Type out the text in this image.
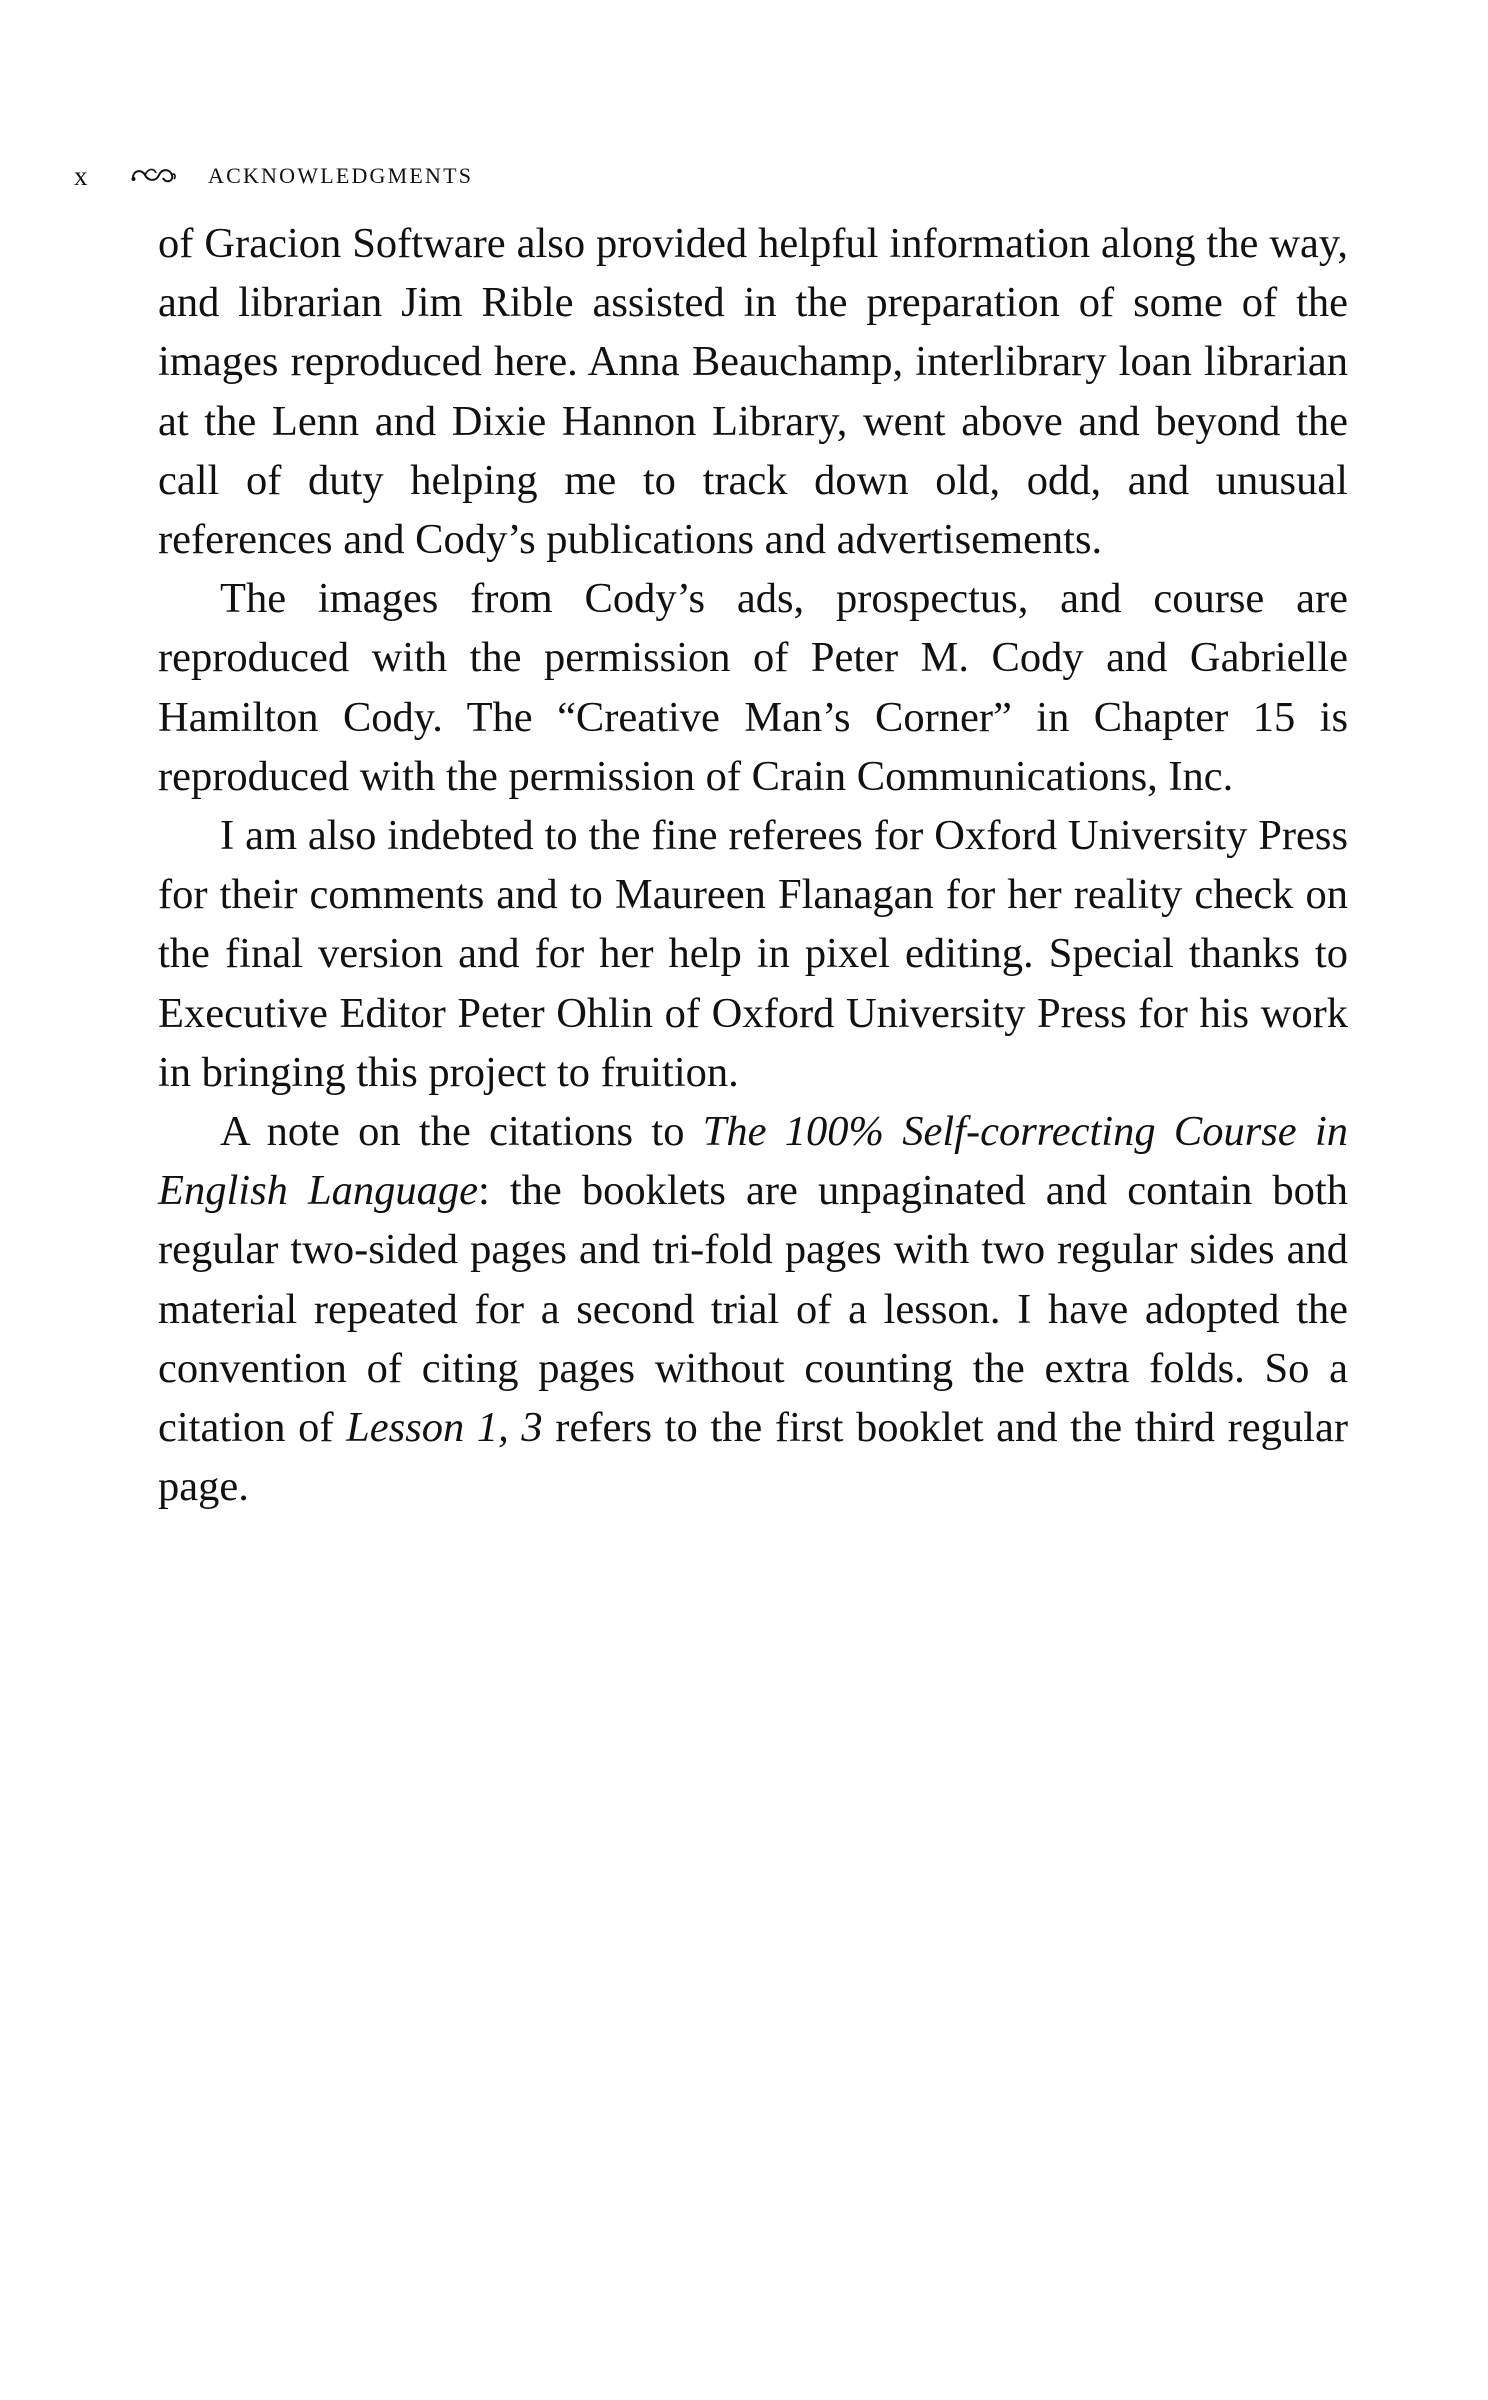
x	ACKNOWLEDGMENTS

of Gracion Software also provided helpful information along the way, and librarian Jim Rible assisted in the preparation of some of the images reproduced here. Anna Beauchamp, interlibrary loan librarian at the Lenn and Dixie Hannon Library, went above and beyond the call of duty helping me to track down old, odd, and unusual references and Cody’s publications and advertisements.

The images from Cody’s ads, prospectus, and course are reproduced with the permission of Peter M. Cody and Gabrielle Hamilton Cody. The “Creative Man’s Corner” in Chapter 15 is reproduced with the permission of Crain Communications, Inc.

I am also indebted to the fine referees for Oxford University Press for their comments and to Maureen Flanagan for her reality check on the final version and for her help in pixel editing. Special thanks to Executive Editor Peter Ohlin of Oxford University Press for his work in bringing this project to fruition.

A note on the citations to The 100% Self-correcting Course in English Language: the booklets are unpaginated and contain both regular two-sided pages and tri-fold pages with two regular sides and material repeated for a second trial of a lesson. I have adopted the convention of citing pages without counting the extra folds. So a citation of Lesson 1, 3 refers to the first booklet and the third regular page.
